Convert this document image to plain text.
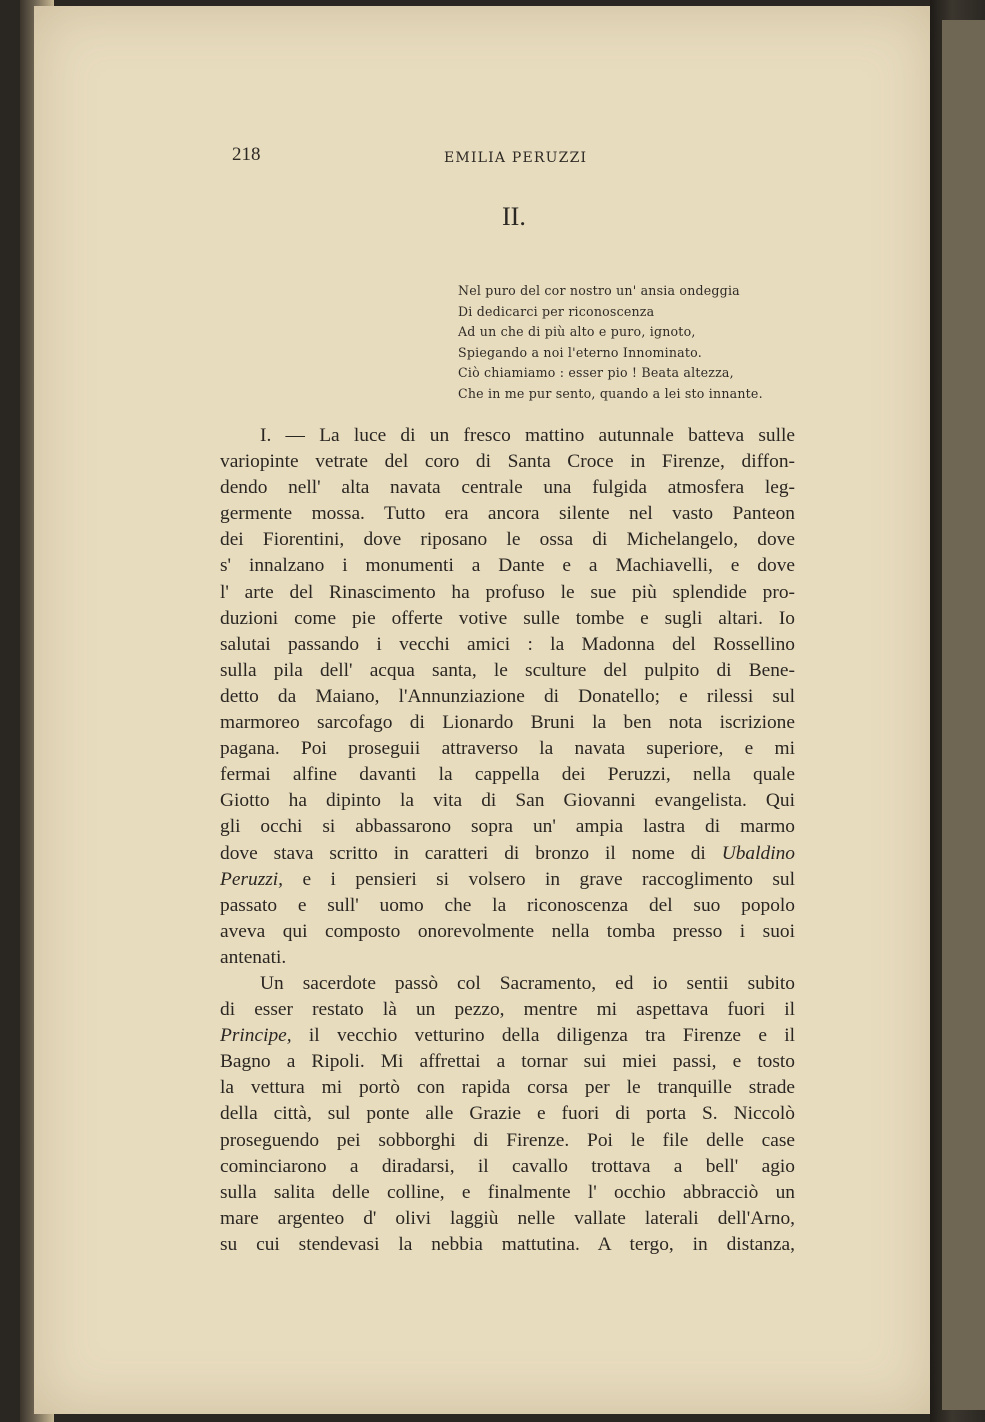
218	EMILIA PERUZZI
II.
Nel puro del cor nostro un' ansia ondeggia
Di dedicarci per riconoscenza
Ad un che di più alto e puro, ignoto,
Spiegando a noi l'eterno Innominato.
Ciò chiamiamo : esser pio ! Beata altezza,
Che in me pur sento, quando a lei sto innante.
I. — La luce di un fresco mattino autunnale batteva sulle
variopinte vetrate del coro di Santa Croce in Firenze, diffon-
dendo nell' alta navata centrale una fulgida atmosfera leg-
germente mossa. Tutto era ancora silente nel vasto Panteon
dei Fiorentini, dove riposano le ossa di Michelangelo, dove
s' innalzano i monumenti a Dante e a Machiavelli, e dove
l' arte del Rinascimento ha profuso le sue più splendide pro-
duzioni come pie offerte votive sulle tombe e sugli altari. Io
salutai passando i vecchi amici : la Madonna del Rossellino
sulla pila dell' acqua santa, le sculture del pulpito di Bene-
detto da Maiano, l'Annunziazione di Donatello; e rilessi sul
marmoreo sarcofago di Lionardo Bruni la ben nota iscrizione
pagana. Poi proseguii attraverso la navata superiore, e mi
fermai alfine davanti la cappella dei Peruzzi, nella quale
Giotto ha dipinto la vita di San Giovanni evangelista. Qui
gli occhi si abbassarono sopra un' ampia lastra di marmo
dove stava scritto in caratteri di bronzo il nome di Ubaldino
Peruzzi, e i pensieri si volsero in grave raccoglimento sul
passato e sull' uomo che la riconoscenza del suo popolo
aveva qui composto onorevolmente nella tomba presso i suoi
antenati.
Un sacerdote passò col Sacramento, ed io sentii subito
di esser restato là un pezzo, mentre mi aspettava fuori il
Principe, il vecchio vetturino della diligenza tra Firenze e il
Bagno a Ripoli. Mi affrettai a tornar sui miei passi, e tosto
la vettura mi portò con rapida corsa per le tranquille strade
della città, sul ponte alle Grazie e fuori di porta S. Niccolò
proseguendo pei sobborghi di Firenze. Poi le file delle case
cominciarono a diradarsi, il cavallo trottava a bell' agio
sulla salita delle colline, e finalmente l' occhio abbracciò un
mare argenteo d' olivi laggiù nelle vallate laterali dell'Arno,
su cui stendevasi la nebbia mattutina. A tergo, in distanza,
